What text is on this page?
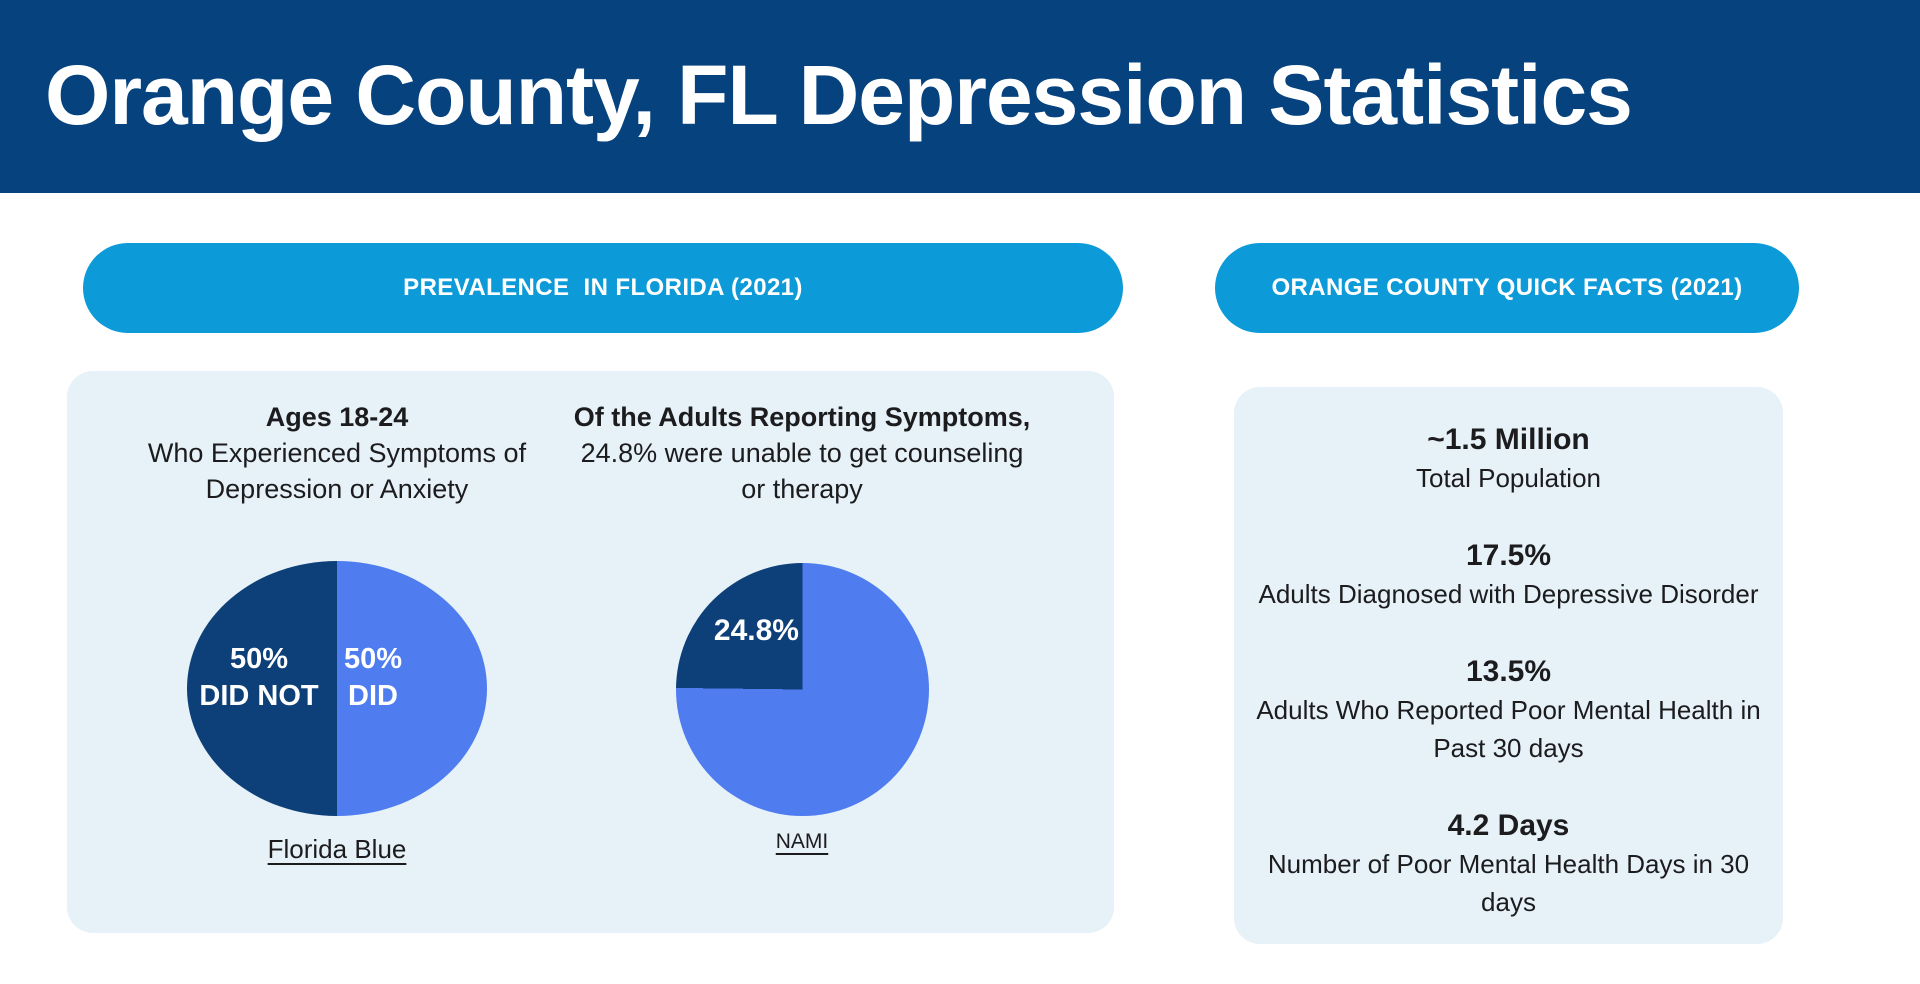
Orange County, FL Depression Statistics
PREVALENCE  IN FLORIDA (2021)	ORANGE COUNTY QUICK FACTS (2021)
Ages 18-24
Who Experienced Symptoms of
Depression or Anxiety
50%
DID NOT
50%
DID
Florida Blue
Of the Adults Reporting Symptoms,
24.8% were unable to get counseling
or therapy
24.8%
NAMI
~1.5 Million
Total Population
17.5%
Adults Diagnosed with Depressive Disorder
13.5%
Adults Who Reported Poor Mental Health in Past 30 days
4.2 Days
Number of Poor Mental Health Days in 30 days
